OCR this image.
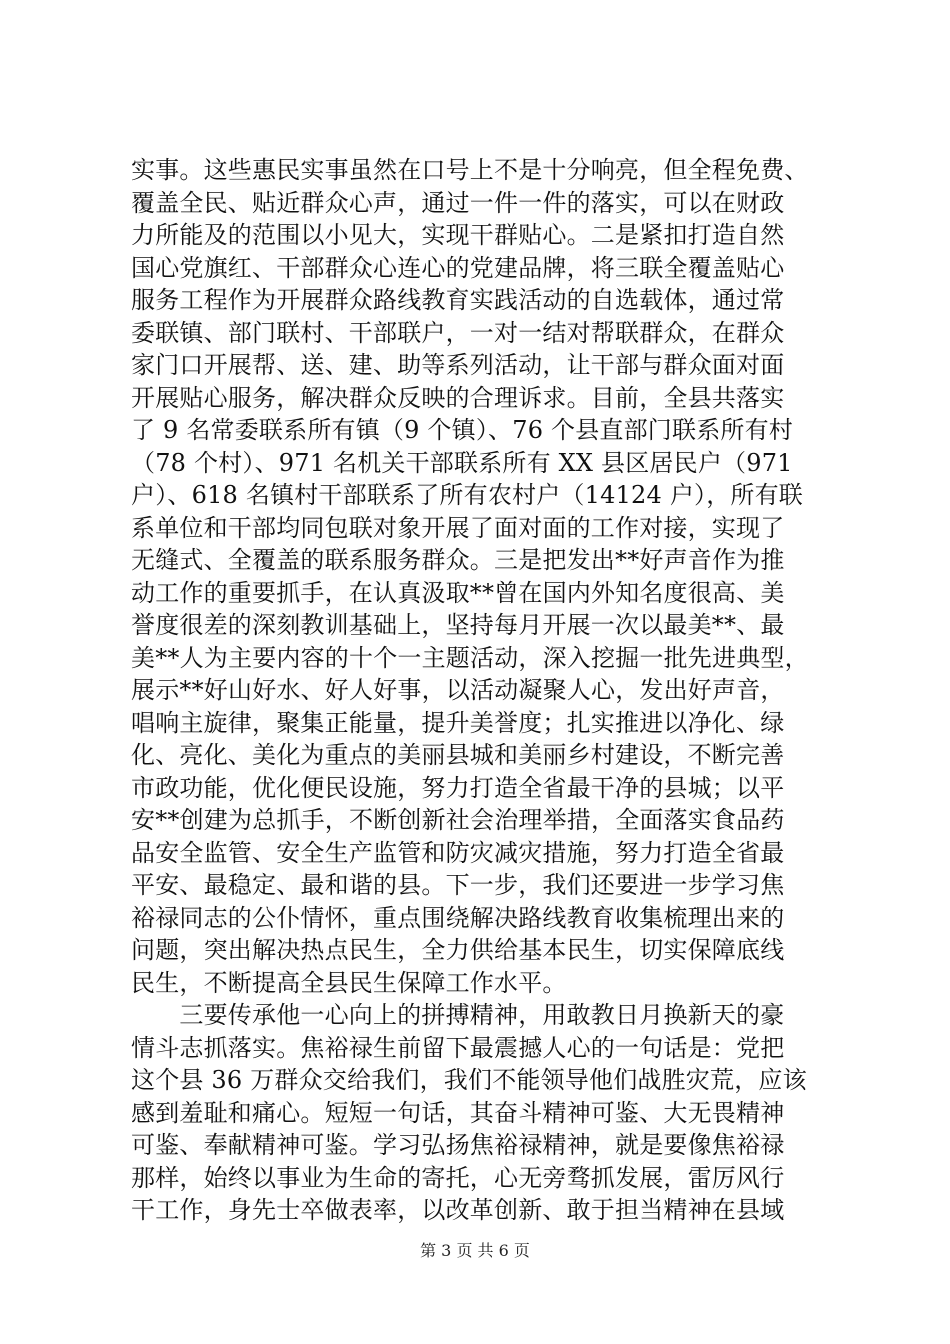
实事。这些惠民实事虽然在口号上不是十分响亮，但全程免费、
覆盖全民、贴近群众心声，通过一件一件的落实，可以在财政
力所能及的范围以小见大，实现干群贴心。二是紧扣打造自然
国心党旗红、干部群众心连心的党建品牌，将三联全覆盖贴心
服务工程作为开展群众路线教育实践活动的自选载体，通过常
委联镇、部门联村、干部联户，一对一结对帮联群众，在群众
家门口开展帮、送、建、助等系列活动，让干部与群众面对面
开展贴心服务，解决群众反映的合理诉求。目前，全县共落实
了 9 名常委联系所有镇（9 个镇）、76 个县直部门联系所有村
（78 个村）、971 名机关干部联系所有 XX 县区居民户（971
户）、618 名镇村干部联系了所有农村户（14124 户），所有联
系单位和干部均同包联对象开展了面对面的工作对接，实现了
无缝式、全覆盖的联系服务群众。三是把发出**好声音作为推
动工作的重要抓手，在认真汲取**曾在国内外知名度很高、美
誉度很差的深刻教训基础上，坚持每月开展一次以最美**、最
美**人为主要内容的十个一主题活动，深入挖掘一批先进典型，
展示**好山好水、好人好事，以活动凝聚人心，发出好声音，
唱响主旋律，聚集正能量，提升美誉度；扎实推进以净化、绿
化、亮化、美化为重点的美丽县城和美丽乡村建设，不断完善
市政功能，优化便民设施，努力打造全省最干净的县城；以平
安**创建为总抓手，不断创新社会治理举措，全面落实食品药
品安全监管、安全生产监管和防灾减灾措施，努力打造全省最
平安、最稳定、最和谐的县。下一步，我们还要进一步学习焦
裕禄同志的公仆情怀，重点围绕解决路线教育收集梳理出来的
问题，突出解决热点民生，全力供给基本民生，切实保障底线
民生，不断提高全县民生保障工作水平。
　　三要传承他一心向上的拼搏精神，用敢教日月换新天的豪
情斗志抓落实。焦裕禄生前留下最震撼人心的一句话是：党把
这个县 36 万群众交给我们，我们不能领导他们战胜灾荒，应该
感到羞耻和痛心。短短一句话，其奋斗精神可鉴、大无畏精神
可鉴、奉献精神可鉴。学习弘扬焦裕禄精神，就是要像焦裕禄
那样，始终以事业为生命的寄托，心无旁骛抓发展，雷厉风行
干工作，身先士卒做表率，以改革创新、敢于担当精神在县域
第 3 页 共 6 页
